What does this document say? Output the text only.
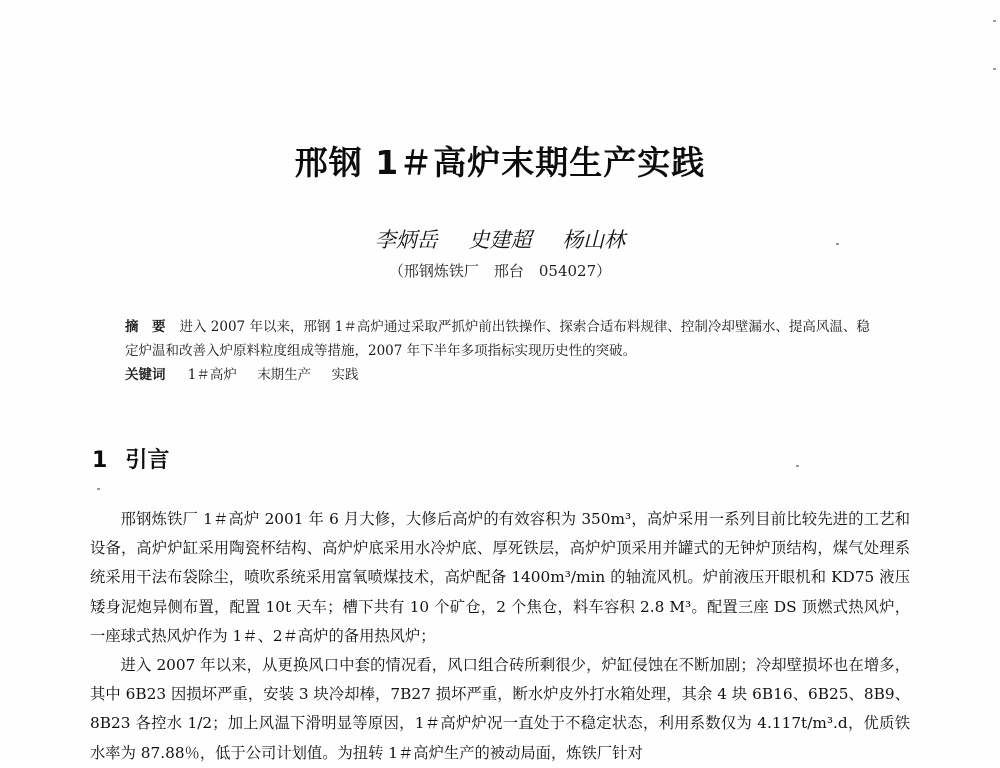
邢钢 1＃高炉末期生产实践
李炳岳 史建超 杨山林
（邢钢炼铁厂　邢台　054027）
摘　要 进入 2007 年以来，邢钢 1＃高炉通过采取严抓炉前出铁操作、探索合适布料规律、控制冷却壁漏水、提高风温、稳定炉温和改善入炉原料粒度组成等措施，2007 年下半年多项指标实现历史性的突破。
关键词 1＃高炉 末期生产 实践
1 引言

邢钢炼铁厂 1＃高炉 2001 年 6 月大修，大修后高炉的有效容积为 350m³，高炉采用一系列目前比较先进的工艺和设备，高炉炉缸采用陶瓷杯结构、高炉炉底采用水冷炉底、厚死铁层，高炉炉顶采用并罐式的无钟炉顶结构，煤气处理系统采用干法布袋除尘，喷吹系统采用富氧喷煤技术，高炉配备 1400m³/min 的轴流风机。炉前液压开眼机和 KD75 液压矮身泥炮异侧布置，配置 10t 天车；槽下共有 10 个矿仓，2 个焦仓，料车容积 2.8 M³。配置三座 DS 顶燃式热风炉，一座球式热风炉作为 1＃、2＃高炉的备用热风炉；

进入 2007 年以来，从更换风口中套的情况看，风口组合砖所剩很少，炉缸侵蚀在不断加剧；冷却壁损坏也在增多，其中 6B23 因损坏严重，安装 3 块冷却棒，7B27 损坏严重，断水炉皮外打水箱处理，其余 4 块 6B16、6B25、8B9、8B23 各控水 1/2；加上风温下滑明显等原因，1＃高炉炉况一直处于不稳定状态，利用系数仅为 4.117t/m³.d，优质铁水率为 87.88％，低于公司计划值。为扭转 1＃高炉生产的被动局面，炼铁厂针对
